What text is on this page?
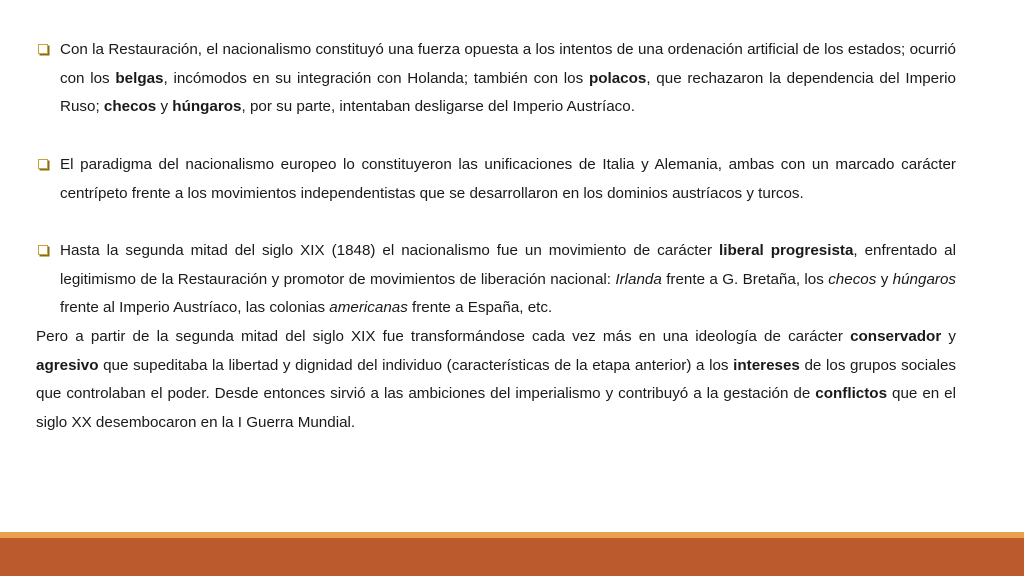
Con la Restauración, el nacionalismo constituyó una fuerza opuesta a los intentos de una ordenación artificial de los estados; ocurrió con los belgas, incómodos en su integración con Holanda; también con los polacos, que rechazaron la dependencia del Imperio Ruso; checos y húngaros, por su parte, intentaban desligarse del Imperio Austríaco.
El paradigma del nacionalismo europeo lo constituyeron las unificaciones de Italia y Alemania, ambas con un marcado carácter centrípeto frente a los movimientos independentistas que se desarrollaron en los dominios austríacos y turcos.
Hasta la segunda mitad del siglo XIX (1848) el nacionalismo fue un movimiento de carácter liberal progresista, enfrentado al legitimismo de la Restauración y promotor de movimientos de liberación nacional: Irlanda frente a G. Bretaña, los checos y húngaros frente al Imperio Austríaco, las colonias americanas frente a España, etc.

Pero a partir de la segunda mitad del siglo XIX fue transformándose cada vez más en una ideología de carácter conservador y agresivo que supeditaba la libertad y dignidad del individuo (características de la etapa anterior) a los intereses de los grupos sociales que controlaban el poder. Desde entonces sirvió a las ambiciones del imperialismo y contribuyó a la gestación de conflictos que en el siglo XX desembocaron en la I Guerra Mundial.
